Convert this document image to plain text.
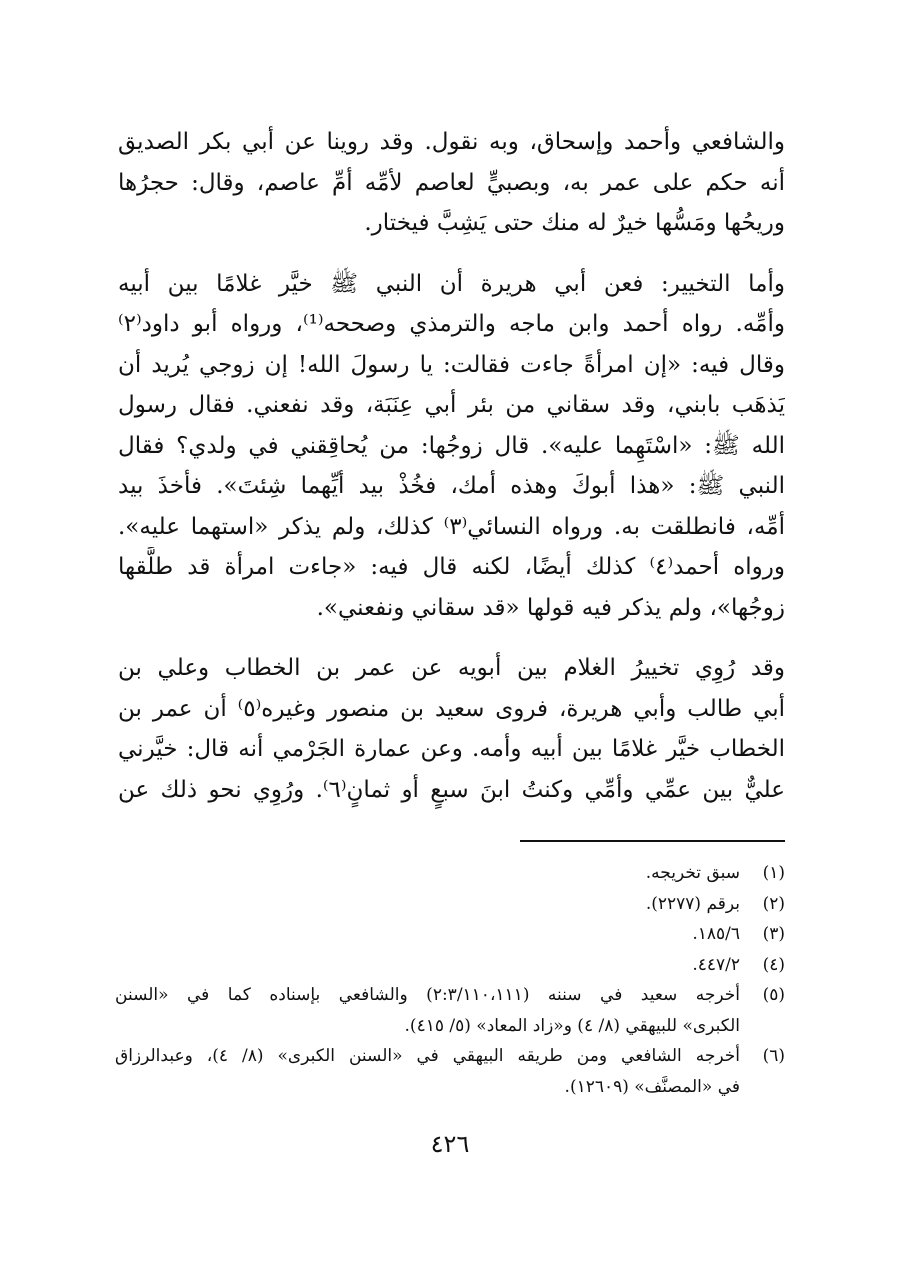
والشافعي وأحمد وإسحاق، وبه نقول. وقد روينا عن أبي بكر الصديق
أنه حكم على عمر به، وبصبيٍّ لعاصم لأمِّه أمِّ عاصم، وقال: حجرُها
وريحُها ومَسُّها خيرٌ له منك حتى يَشِبَّ فيختار.
وأما التخيير: فعن أبي هريرة أن النبي ﷺ خيَّر غلامًا بين أبيه
وأمِّه. رواه أحمد وابن ماجه والترمذي وصححه⁽¹⁾، ورواه أبو داود⁽٢⁾
وقال فيه: «إن امرأةً جاءت فقالت: يا رسولَ الله! إن زوجي يُريد أن
يَذهَب بابني، وقد سقاني من بئر أبي عِنَبَة، وقد نفعني. فقال رسول
الله ﷺ: «اسْتَهِما عليه». قال زوجُها: من يُحاقِقني في ولدي؟ فقال
النبي ﷺ: «هذا أبوكَ وهذه أمك، فخُذْ بيد أيِّهما شِئتَ». فأخذَ بيد
أمِّه، فانطلقت به. ورواه النسائي⁽٣⁾ كذلك، ولم يذكر «استهما عليه».
ورواه أحمد⁽٤⁾ كذلك أيضًا، لكنه قال فيه: «جاءت امرأة قد طلَّقها
زوجُها»، ولم يذكر فيه قولها «قد سقاني ونفعني».
وقد رُوِي تخييرُ الغلام بين أبويه عن عمر بن الخطاب وعلي بن
أبي طالب وأبي هريرة، فروى سعيد بن منصور وغيره⁽٥⁾ أن عمر بن
الخطاب خيَّر غلامًا بين أبيه وأمه. وعن عمارة الجَرْمي أنه قال: خيَّرني
عليٌّ بين عمِّي وأمِّي وكنتُ ابنَ سبعٍ أو ثمانٍ⁽٦⁾. ورُوِي نحو ذلك عن
(١)
سبق تخريجه.
(٢)
برقم (٢٢٧٧).
(٣)
١٨٥/٦.
(٤)
٤٤٧/٢.
(٥)
أخرجه سعيد في سننه (٢:٣/١١٠،١١١) والشافعي بإسناده كما في «السنن
الكبرى» للبيهقي (٨/ ٤) و«زاد المعاد» (٥/ ٤١٥).
(٦)
أخرجه الشافعي ومن طريقه البيهقي في «السنن الكبرى» (٨/ ٤)، وعبدالرزاق
في «المصنَّف» (١٢٦٠٩).
٤٢٦
